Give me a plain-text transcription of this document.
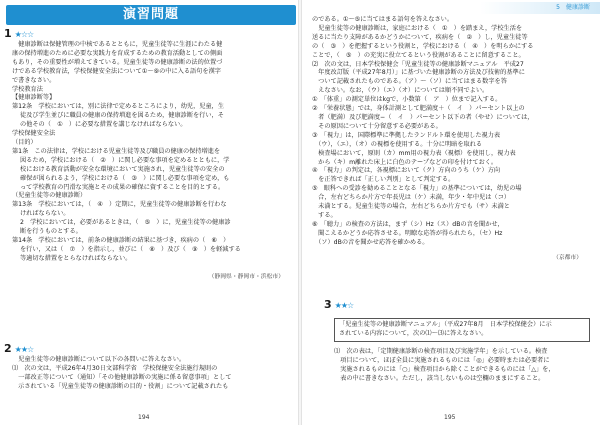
演習問題
1 ★☆☆
　健康診断は保健管理の中核であるとともに，児童生徒等に生涯にわたる健
康の保持増進のために必要な実践力を育成するための教育活動としての側面
もあり，その重要性が増えてきている。児童生徒等の健康診断の法的位置づ
けである学校教育法，学校保健安全法について①〜⑨の中に入る語句を漢字
で書きなさい。
学校教育法
【健康診断等】
第12条　学校においては，別に法律で定めるところにより，幼児，児童，生
徒及び学生並びに職員の健康の保持増進を図るため，健康診断を行い，そ
の他その（　①　）に必要な措置を講じなければならない。
学校保健安全法
（目的）
第1条　この法律は，学校における児童生徒等及び職員の健康の保持増進を
図るため，学校における（　②　）に関し必要な事項を定めるとともに，学
校における教育活動が安全な環境において実施され，児童生徒等の安全の
確保が図られるよう，学校における（　③　）に関し必要な事項を定め，も
って学校教育の円滑な実施とその成果の確保に資することを目的とする。
（児童生徒等の健康診断）
第13条　学校においては，（　④　）定期に，児童生徒等の健康診断を行わな
ければならない。
2　学校においては，必要があるときは，（　⑤　）に，児童生徒等の健康診
断を行うものとする。
第14条　学校においては，前条の健康診断の結果に基づき，疾病の（　⑥　）
を行い，又は（　⑦　）を指示し，並びに（　⑧　）及び（　⑨　）を軽減する
等適切な措置をとらなければならない。
（静岡県・静岡市・浜松市）
2 ★★☆
　児童生徒等の健康診断について以下の各問いに答えなさい。
⑴　次の文は，平成26年4月30日文部科学省　学校保健安全法施行規則の
　一部改正等について（通知）「その他健康診断の実施に係る留意事項」として
　示されている「児童生徒等の健康診断の目的・役割」について記載されたも
194
5　健康診断
のである。①〜⑤に当てはまる語句を答えなさい。
　児童生徒等の健康診断は，家庭における（　①　）を踏まえ，学校生活を
送るに当たり支障があるかどうかについて，疾病を（　②　）し，児童生徒等
の（　③　）を把握するという役割と，学校における（　④　）を明らかにする
ことで，（　⑤　）の充実に役立てるという役割があることに留意すること。
⑵　次の文は，日本学校保健会「児童生徒等の健康診断マニュアル　平成27
　年度改訂版（平成27年8月）」に基づいた健康診断の方法及び技術的基準に
　ついて記載されたものである。（ア）〜（ソ）に当てはまる数字を答
　えなさい。なお，（ウ）（エ）（オ）については順不同でよい。
①　「体重」の測定単位はkgで，小数第（　ア　）位まで記入する。
②　「栄養状態」では，身体計測として肥満度＋（　イ　）パーセント以上の
　者（肥満）及び肥満度−（　イ　）パーセント以下の者（やせ）については，
　その原因について十分留意する必要がある。
③　「視力」は，国際標準に準拠したランドルト環を使用した視力表
　（ウ），（エ），（オ）の視標を使用する。十分に明暗を取れる
　検査場において，原則（カ）mm用の視力表（視標）を使用し，視力表
　から（キ）m離れた床上に白色のテープなどの印を付けておく。
④　「視力」の判定は，各視標において（ク）方向のうち（ケ）方向
　を正答できれば「正しい判別」として判定する。
⑤　眼科への受診を勧めることとなる「視力」の基準については，幼児の場
　合，左右どちらか片方で年長児は（ケ）未満，年少・年中児は（コ）
　未満とする。児童生徒等の場合，左右どちらか片方でも（サ）未満と
　する。
⑥　「聴力」の検査の方法は，まず（シ）Hz（ス）dBの音を聞かせ，
　聞こえるかどうか応答させる。明瞭な応答が得られたら，（セ）Hz
　（ソ）dBの音を聞かせ応答を確かめる。
（京都市）
3 ★★☆
「児童生徒等の健康診断マニュアル」（平成27年8月　日本学校保健会）に示
されている内容について，次の⑴〜⑶に答えなさい。
⑴　次の表は，「定期健康診断の検査項目及び実施学年」を示している。検査
　項目について，ほぼ全員に実施されるものには「◎」必要時または必要者に
　実施されるものには「○」検査項目から除くことができるものには「△」を，
　表の中に書きなさい。ただし，該当しないものは空欄のままにすること。
195
